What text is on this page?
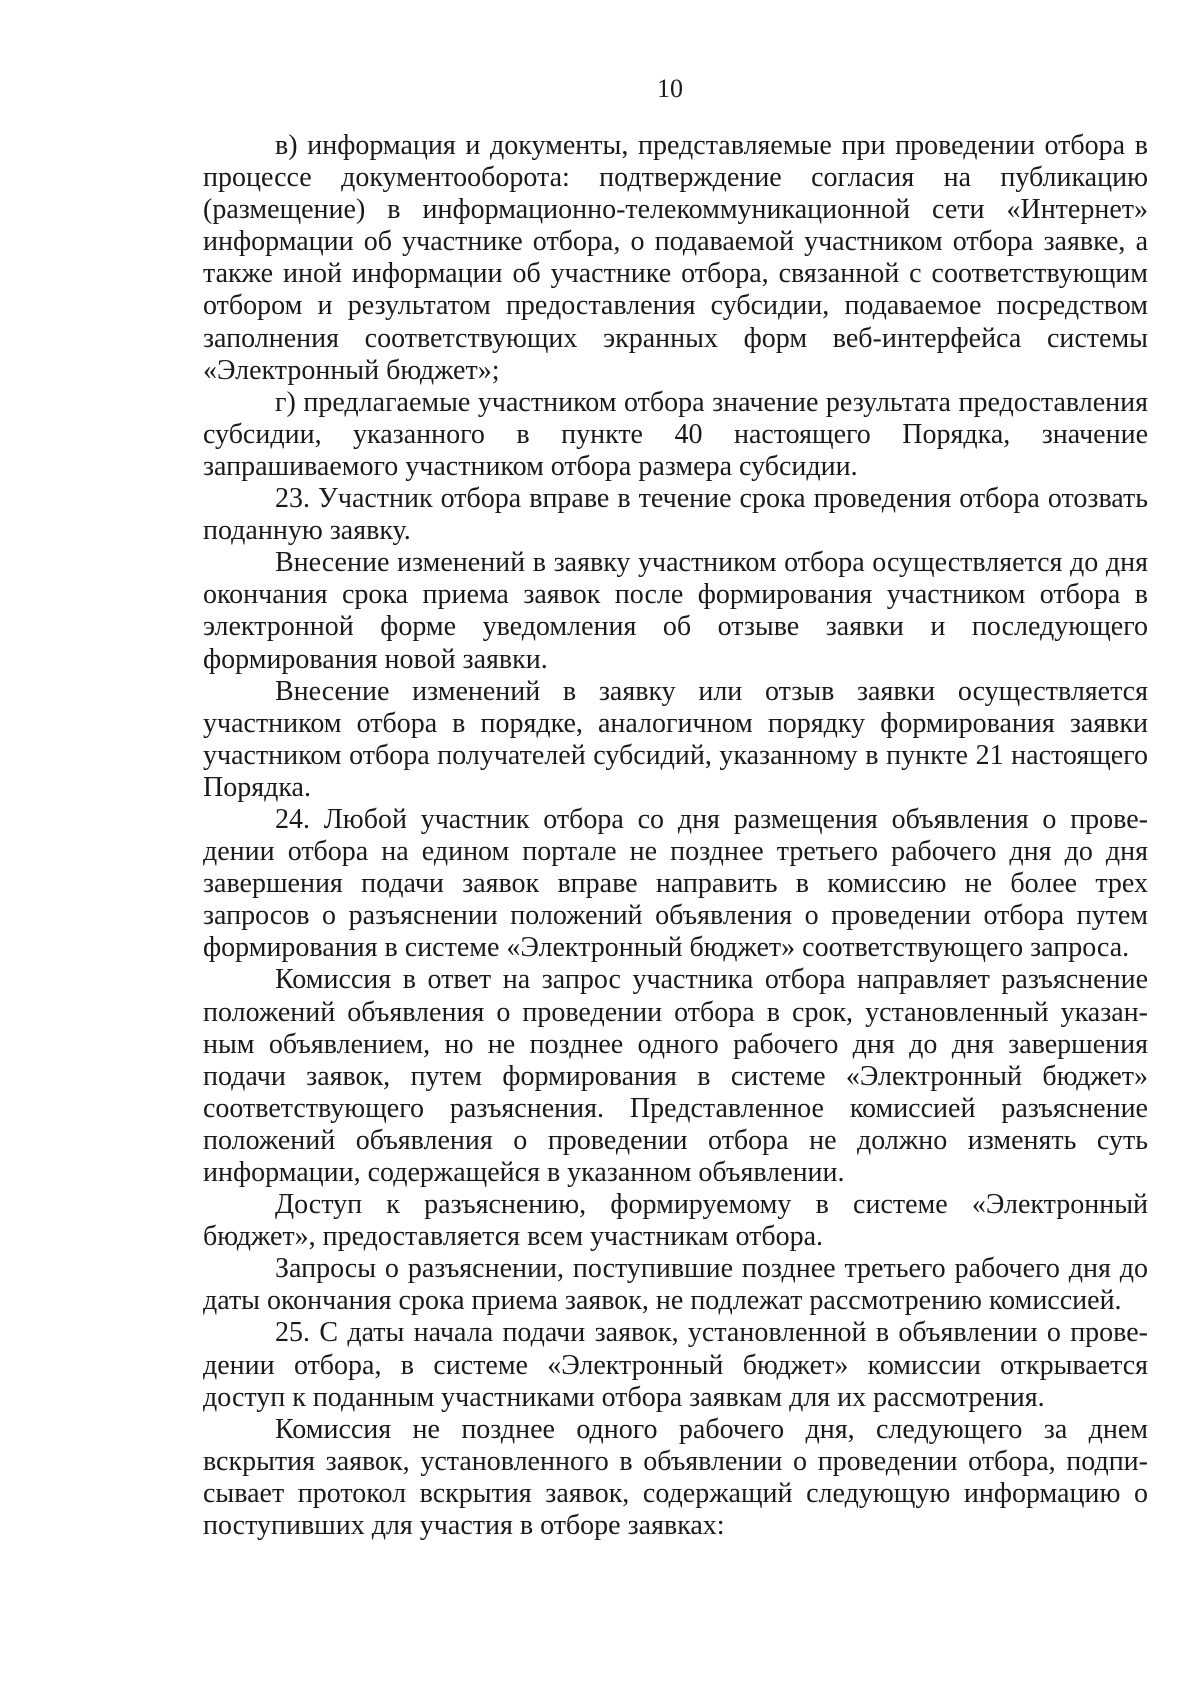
10

в) информация и документы, представляемые при проведении отбора в процессе документооборота: подтверждение согласия на публикацию (размещение) в информационно-телекоммуникационной сети «Интернет» информации об участнике отбора, о подаваемой участником отбора заявке, а также иной информации об участнике отбора, связанной с соответствующим отбором и результатом предоставления субсидии, подаваемое посредством заполнения соответствующих экранных форм веб-интерфейса системы «Электронный бюджет»;

г) предлагаемые участником отбора значение результата предоставления субсидии, указанного в пункте 40 настоящего Порядка, значение запрашиваемого участником отбора размера субсидии.

23. Участник отбора вправе в течение срока проведения отбора отозвать поданную заявку.

Внесение изменений в заявку участником отбора осуществляется до дня окончания срока приема заявок после формирования участником отбора в электронной форме уведомления об отзыве заявки и последующего формирования новой заявки.

Внесение изменений в заявку или отзыв заявки осуществляется участником отбора в порядке, аналогичном порядку формирования заявки участником отбора получателей субсидий, указанному в пункте 21 настоящего Порядка.

24. Любой участник отбора со дня размещения объявления о проведении отбора на едином портале не позднее третьего рабочего дня до дня завершения подачи заявок вправе направить в комиссию не более трех запросов о разъяснении положений объявления о проведении отбора путем формирования в системе «Электронный бюджет» соответствующего запроса.

Комиссия в ответ на запрос участника отбора направляет разъяснение положений объявления о проведении отбора в срок, установленный указанным объявлением, но не позднее одного рабочего дня до дня завершения подачи заявок, путем формирования в системе «Электронный бюджет» соответствующего разъяснения. Представленное комиссией разъяснение положений объявления о проведении отбора не должно изменять суть информации, содержащейся в указанном объявлении.

Доступ к разъяснению, формируемому в системе «Электронный бюджет», предоставляется всем участникам отбора.

Запросы о разъяснении, поступившие позднее третьего рабочего дня до даты окончания срока приема заявок, не подлежат рассмотрению комиссией.

25. С даты начала подачи заявок, установленной в объявлении о проведении отбора, в системе «Электронный бюджет» комиссии открывается доступ к поданным участниками отбора заявкам для их рассмотрения.

Комиссия не позднее одного рабочего дня, следующего за днем вскрытия заявок, установленного в объявлении о проведении отбора, подписывает протокол вскрытия заявок, содержащий следующую информацию о поступивших для участия в отборе заявках:
